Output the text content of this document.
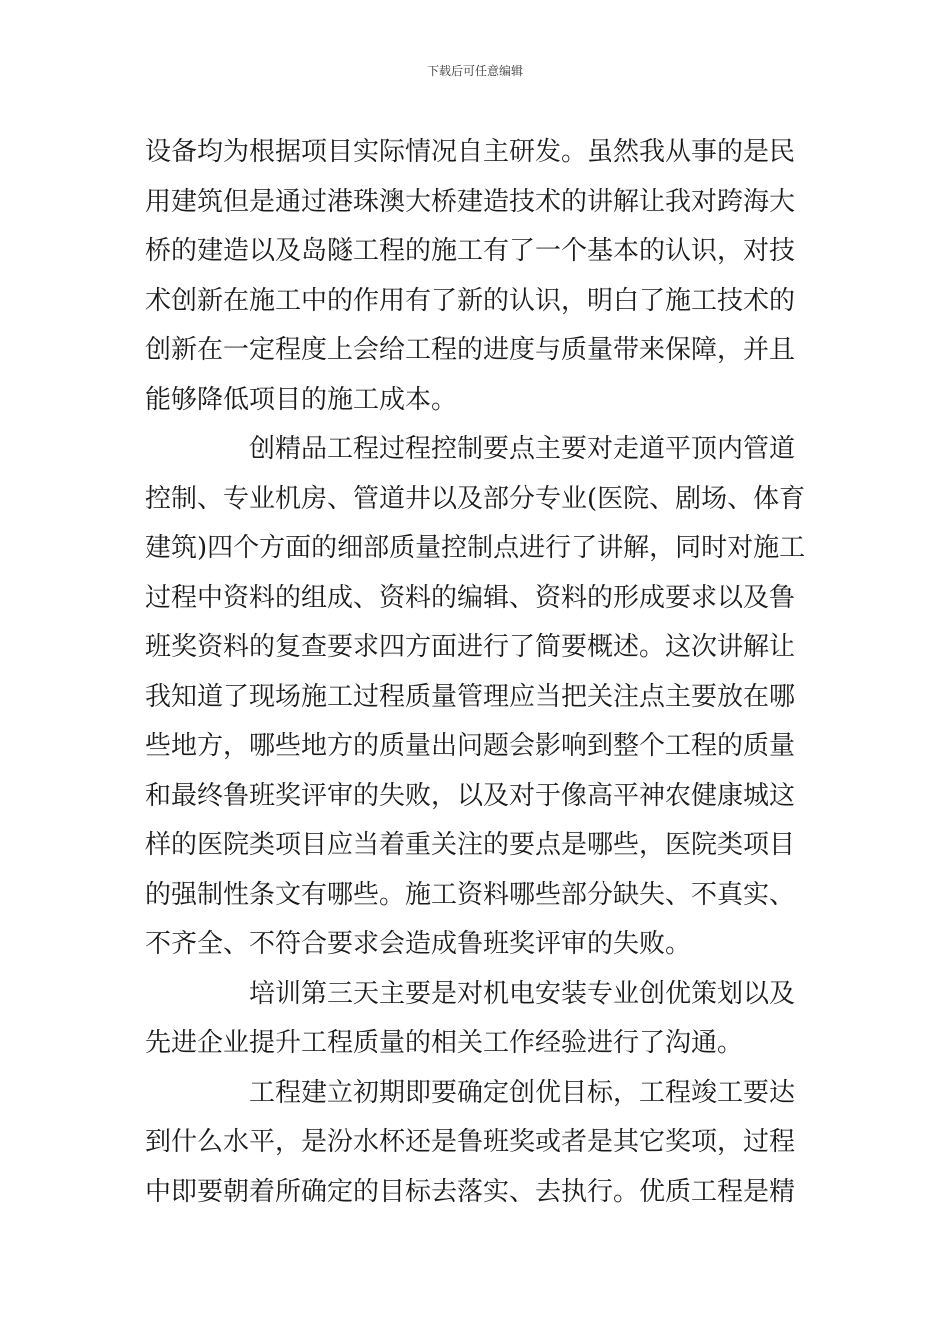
下载后可任意编辑
设备均为根据项目实际情况自主研发。虽然我从事的是民
用建筑但是通过港珠澳大桥建造技术的讲解让我对跨海大
桥的建造以及岛隧工程的施工有了一个基本的认识，对技
术创新在施工中的作用有了新的认识，明白了施工技术的
创新在一定程度上会给工程的进度与质量带来保障，并且
能够降低项目的施工成本。
创精品工程过程控制要点主要对走道平顶内管道
控制、专业机房、管道井以及部分专业(医院、剧场、体育
建筑)四个方面的细部质量控制点进行了讲解，同时对施工
过程中资料的组成、资料的编辑、资料的形成要求以及鲁
班奖资料的复查要求四方面进行了简要概述。这次讲解让
我知道了现场施工过程质量管理应当把关注点主要放在哪
些地方，哪些地方的质量出问题会影响到整个工程的质量
和最终鲁班奖评审的失败，以及对于像高平神农健康城这
样的医院类项目应当着重关注的要点是哪些，医院类项目
的强制性条文有哪些。施工资料哪些部分缺失、不真实、
不齐全、不符合要求会造成鲁班奖评审的失败。
培训第三天主要是对机电安装专业创优策划以及
先进企业提升工程质量的相关工作经验进行了沟通。
工程建立初期即要确定创优目标，工程竣工要达
到什么水平，是汾水杯还是鲁班奖或者是其它奖项，过程
中即要朝着所确定的目标去落实、去执行。优质工程是精
